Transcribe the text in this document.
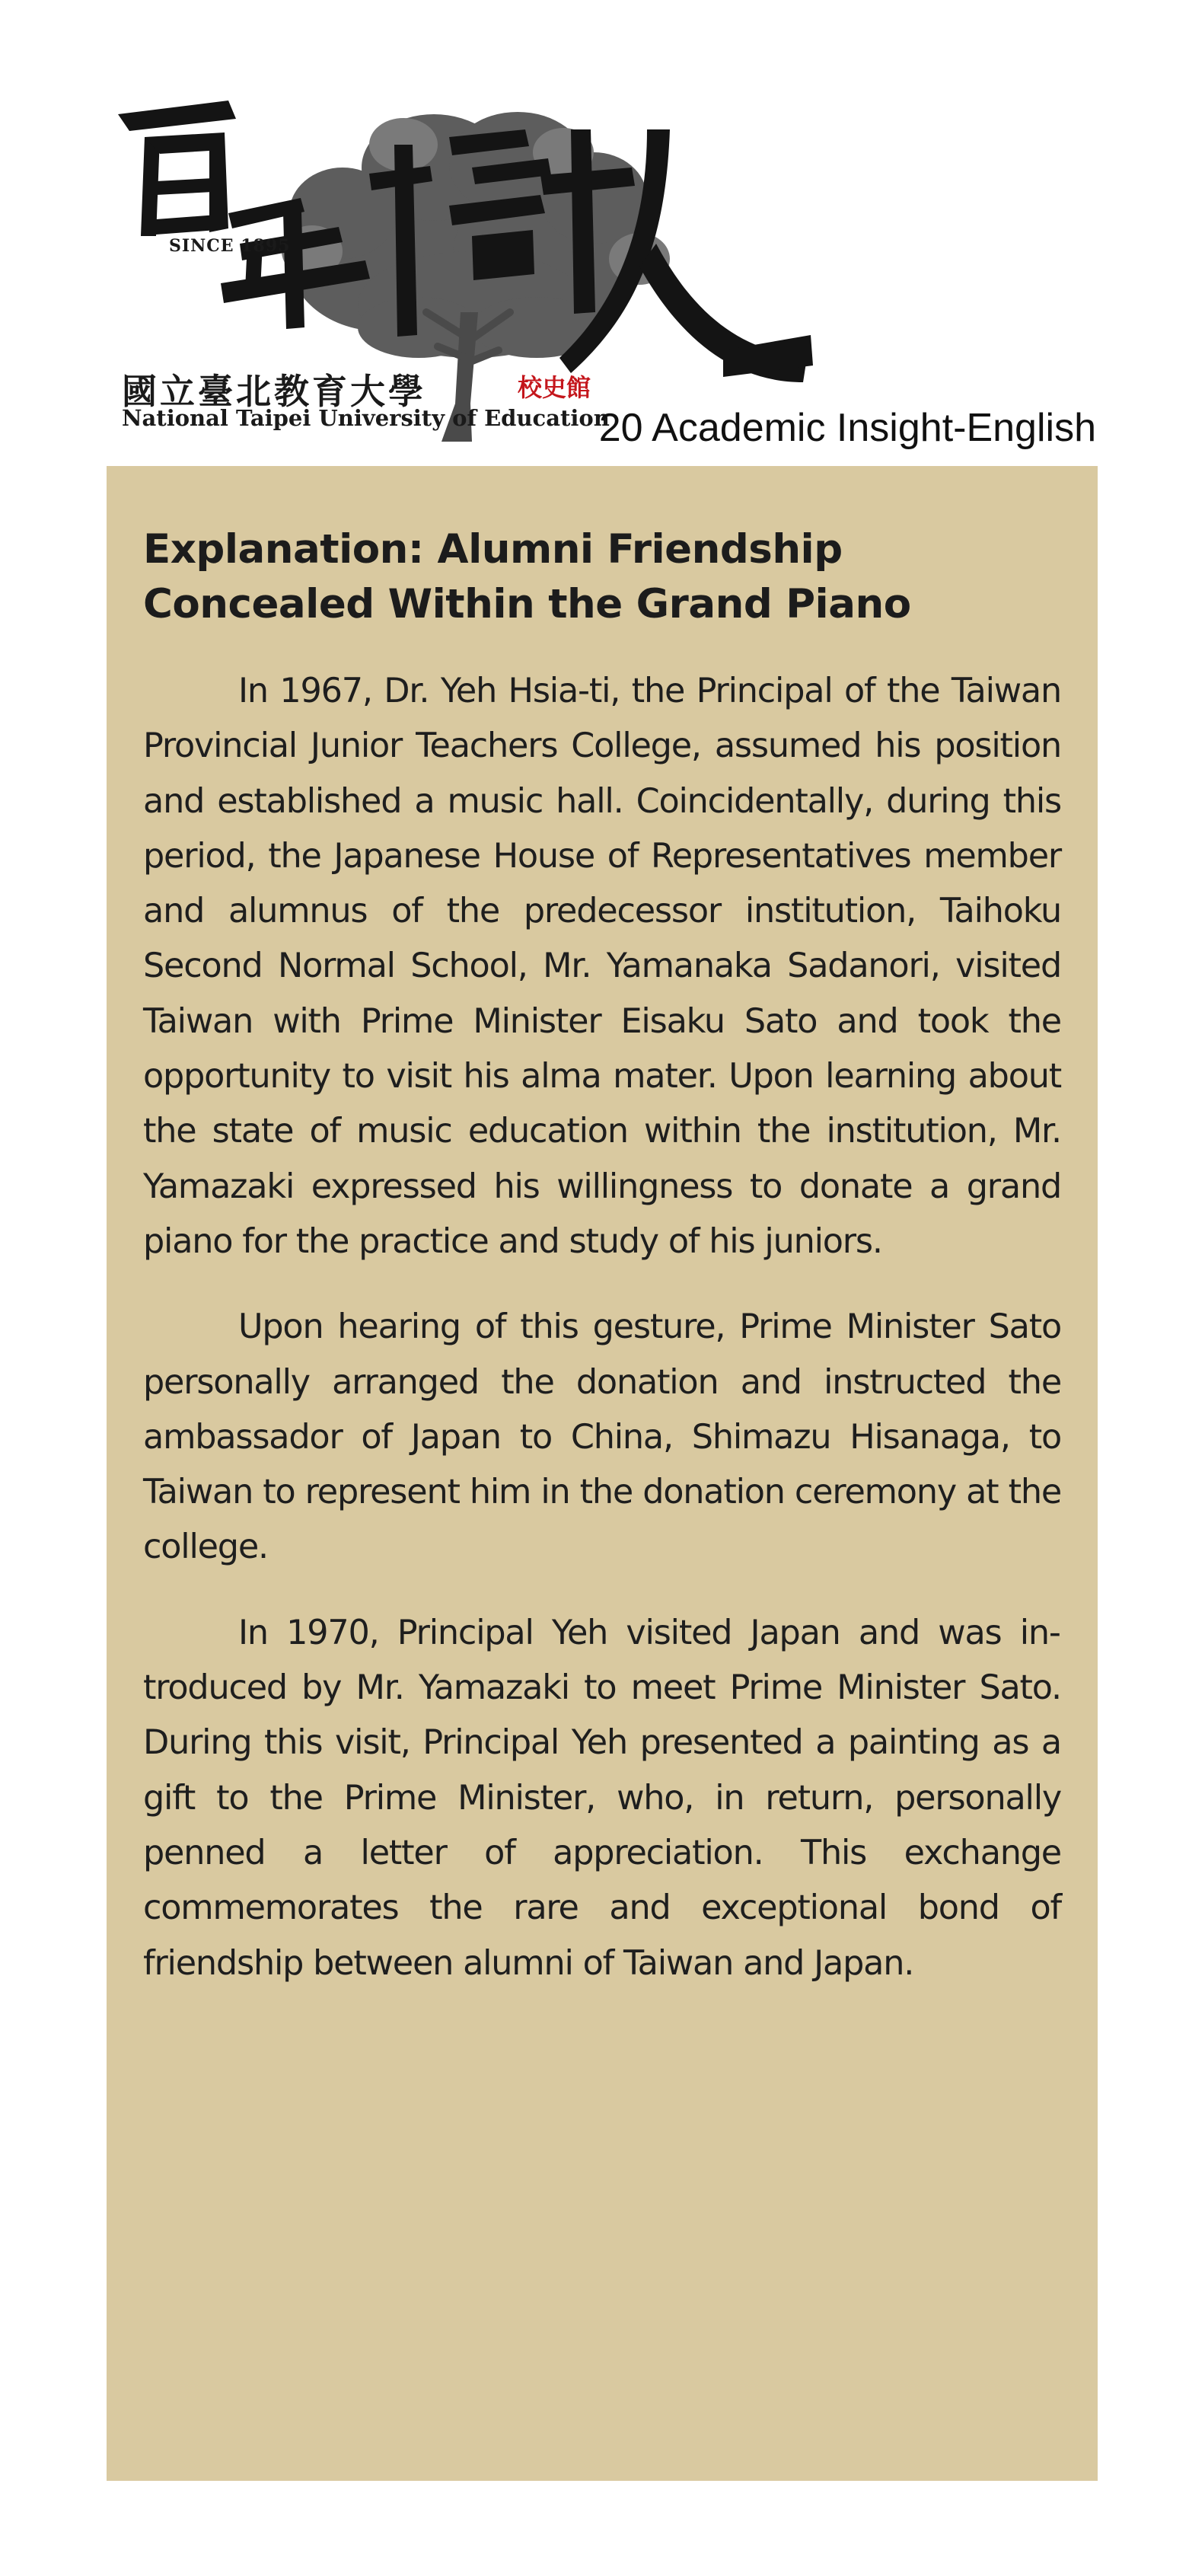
SINCE 1895
國立臺北教育大學
National Taipei University of Education
校史館
20 Academic Insight-English
Explanation: Alumni Friendship Concealed Within the Grand Piano

In 1967, Dr. Yeh Hsia-ti, the Principal of the Taiwan Provincial Junior Teachers College, assumed his position and established a music hall. Coincidentally, during this period, the Japanese House of Representatives member and alumnus of the predecessor institution, Taihoku Second Normal School, Mr. Yamanaka Sadanori, visited Taiwan with Prime Minister Eisaku Sato and took the opportunity to visit his alma mater. Upon learning about the state of music education within the institution, Mr. Yamazaki expressed his willingness to donate a grand piano for the practice and study of his juniors.

Upon hearing of this gesture, Prime Minister Sato personally arranged the donation and instructed the ambassador of Japan to China, Shimazu Hisanaga, to Taiwan to represent him in the donation ceremony at the college.

In 1970, Principal Yeh visited Japan and was introduced by Mr. Yamazaki to meet Prime Minister Sato. During this visit, Principal Yeh presented a painting as a gift to the Prime Minister, who, in return, personally penned a letter of appreciation. This exchange commemorates the rare and exceptional bond of friendship between alumni of Taiwan and Japan.
